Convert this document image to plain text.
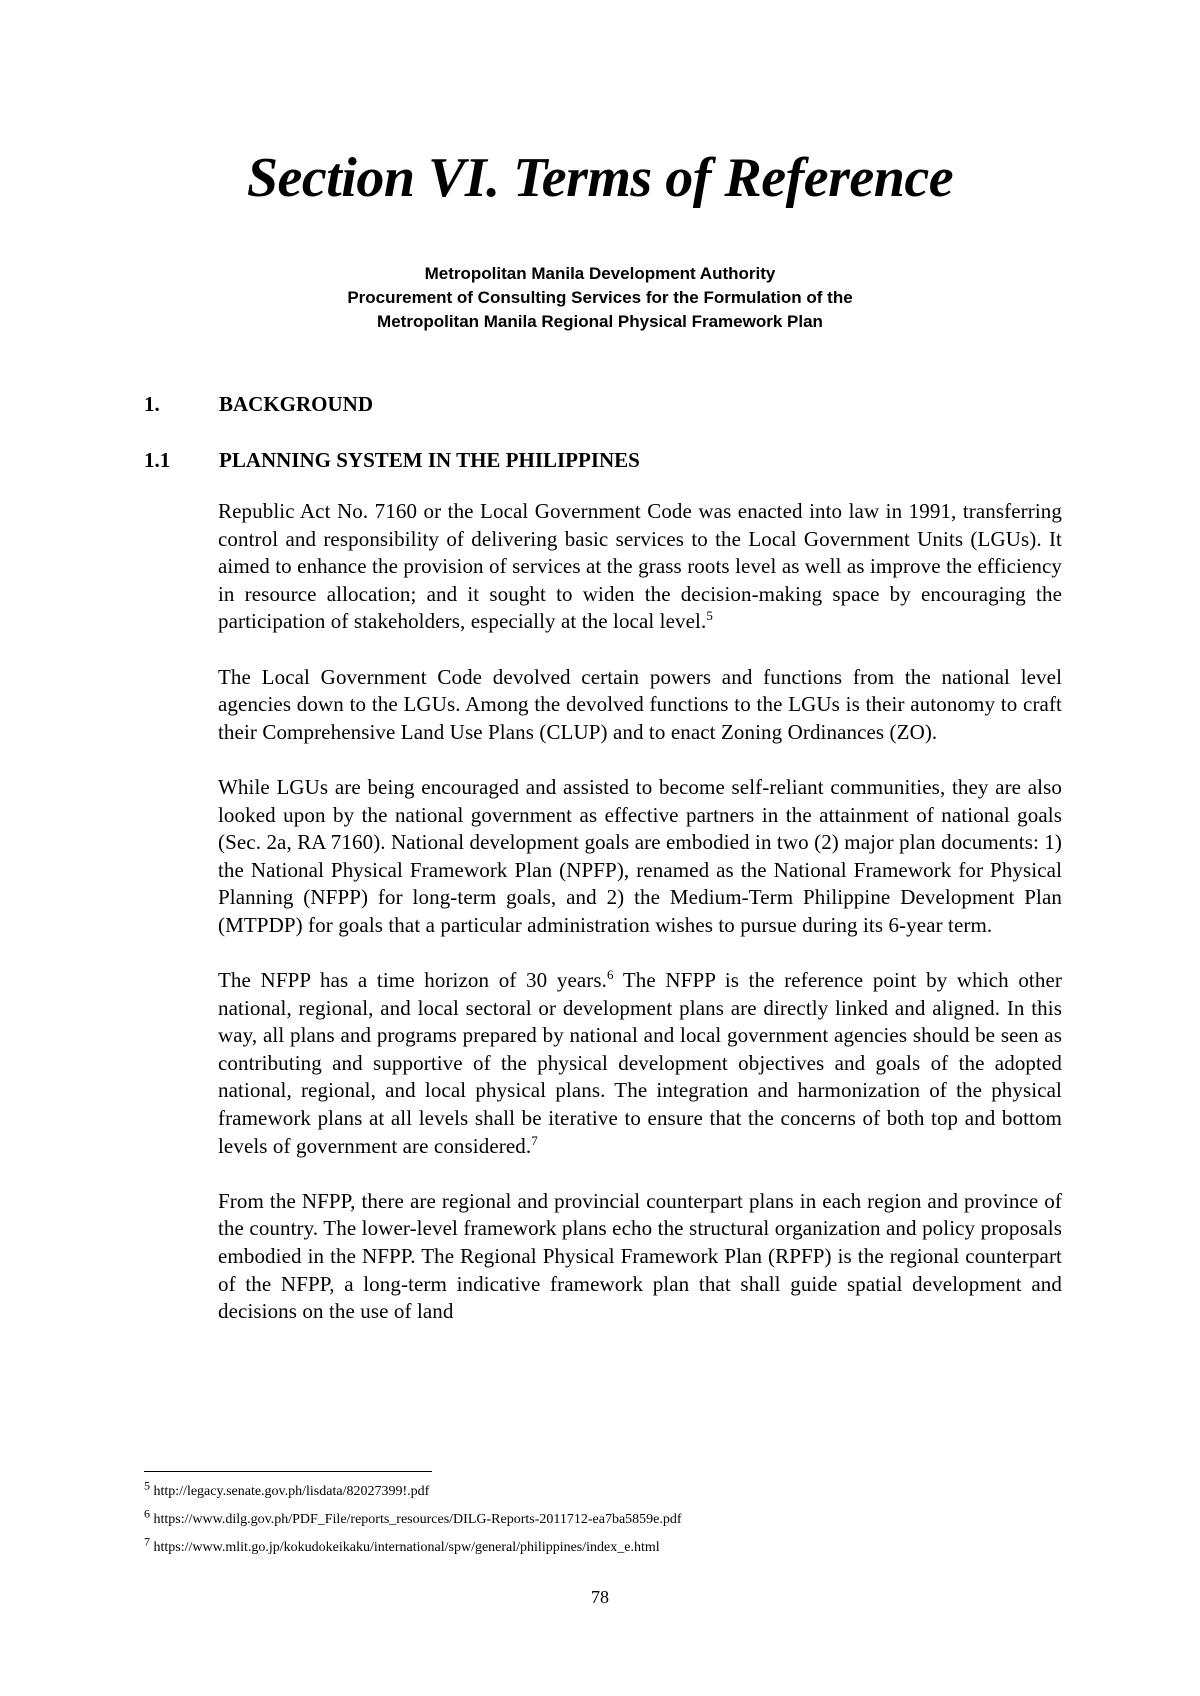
Section VI. Terms of Reference
Metropolitan Manila Development Authority
Procurement of Consulting Services for the Formulation of the
Metropolitan Manila Regional Physical Framework Plan
1.	BACKGROUND
1.1 PLANNING SYSTEM IN THE PHILIPPINES

Republic Act No. 7160 or the Local Government Code was enacted into law in 1991, transferring control and responsibility of delivering basic services to the Local Government Units (LGUs). It aimed to enhance the provision of services at the grass roots level as well as improve the efficiency in resource allocation; and it sought to widen the decision-making space by encouraging the participation of stakeholders, especially at the local level.$^5$

The Local Government Code devolved certain powers and functions from the national level agencies down to the LGUs. Among the devolved functions to the LGUs is their autonomy to craft their Comprehensive Land Use Plans (CLUP) and to enact Zoning Ordinances (ZO).

While LGUs are being encouraged and assisted to become self-reliant communities, they are also looked upon by the national government as effective partners in the attainment of national goals (Sec. 2a, RA 7160). National development goals are embodied in two (2) major plan documents: 1) the National Physical Framework Plan (NPFP), renamed as the National Framework for Physical Planning (NFPP) for long-term goals, and 2) the Medium-Term Philippine Development Plan (MTPDP) for goals that a particular administration wishes to pursue during its 6-year term.

The NFPP has a time horizon of 30 years.$^6$ The NFPP is the reference point by which other national, regional, and local sectoral or development plans are directly linked and aligned. In this way, all plans and programs prepared by national and local government agencies should be seen as contributing and supportive of the physical development objectives and goals of the adopted national, regional, and local physical plans. The integration and harmonization of the physical framework plans at all levels shall be iterative to ensure that the concerns of both top and bottom levels of government are considered.$^7$

From the NFPP, there are regional and provincial counterpart plans in each region and province of the country. The lower-level framework plans echo the structural organization and policy proposals embodied in the NFPP. The Regional Physical Framework Plan (RPFP) is the regional counterpart of the NFPP, a long-term indicative framework plan that shall guide spatial development and decisions on the use of land

$^5$ http://legacy.senate.gov.ph/lisdata/82027399!.pdf
$^6$ https://www.dilg.gov.ph/PDF_File/reports_resources/DILG-Reports-2011712-ea7ba5859e.pdf
$^7$ https://www.mlit.go.jp/kokudokeikaku/international/spw/general/philippines/index_e.html
78
